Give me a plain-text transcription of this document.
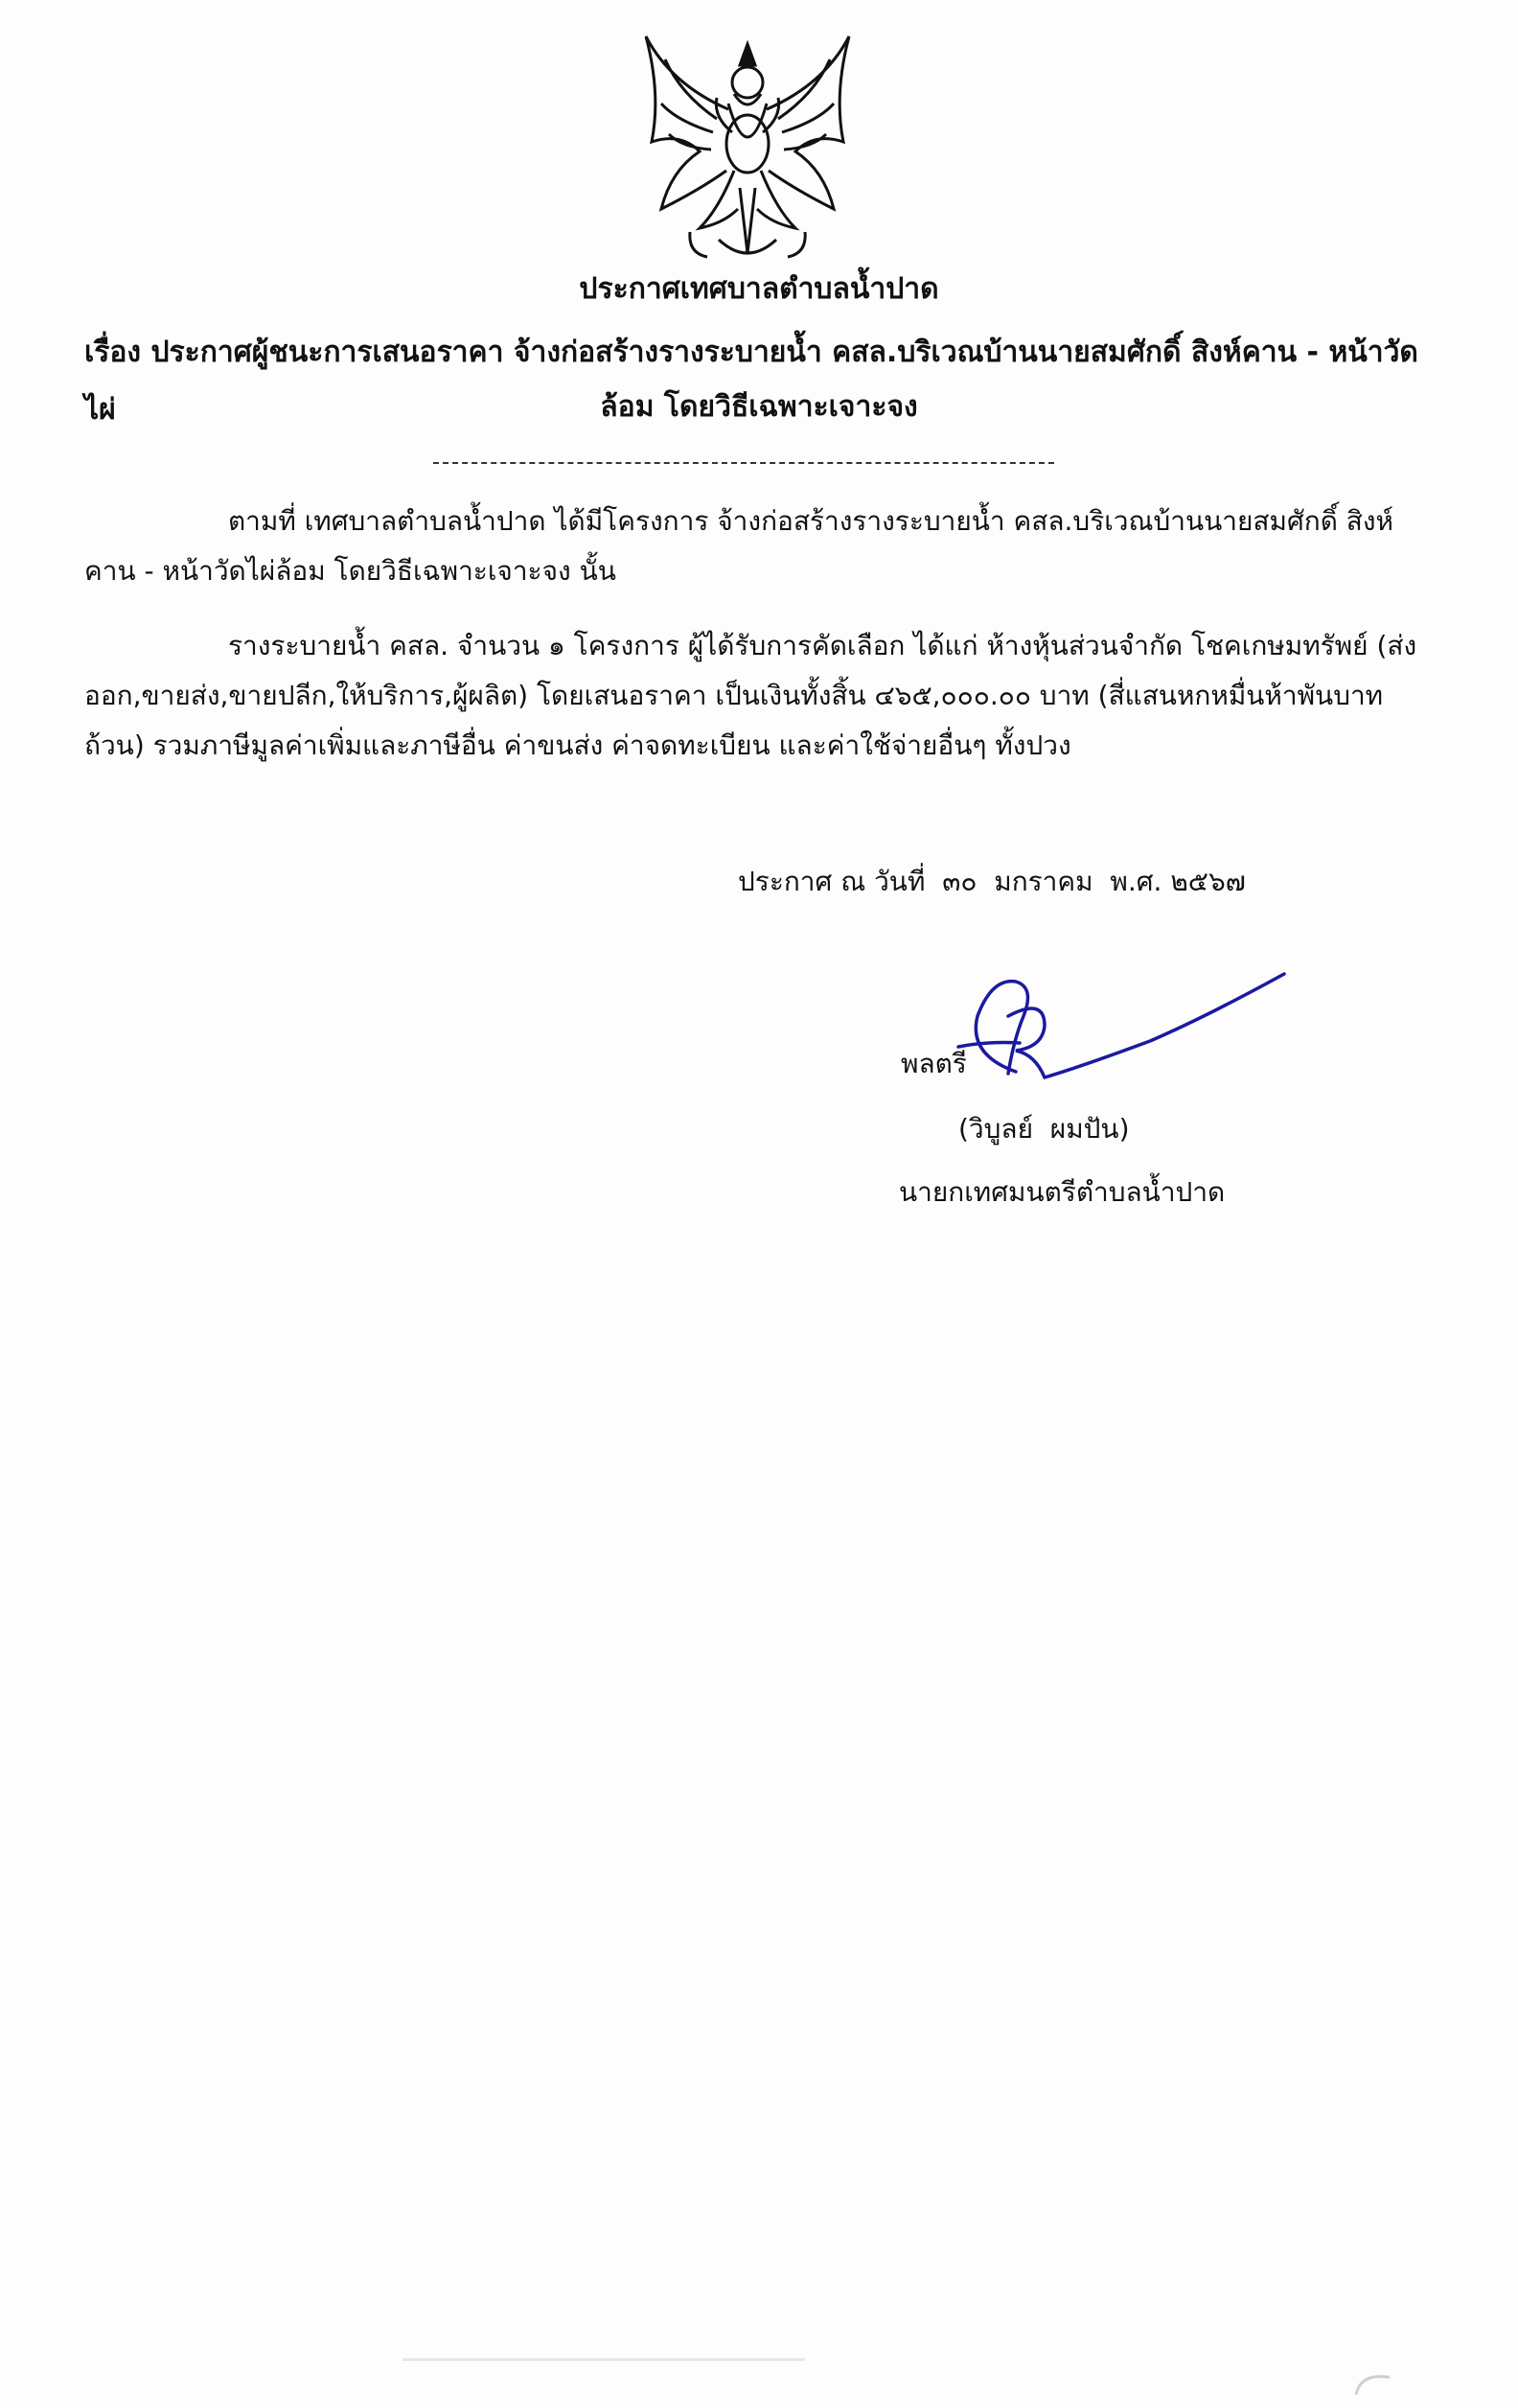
ประกาศเทศบาลตำบลน้ำปาด
เรื่อง ประกาศผู้ชนะการเสนอราคา จ้างก่อสร้างรางระบายน้ำ คสล.บริเวณบ้านนายสมศักดิ์ สิงห์คาน - หน้าวัดไผ่	ล้อม โดยวิธีเฉพาะเจาะจง
ตามที่ เทศบาลตำบลน้ำปาด ได้มีโครงการ จ้างก่อสร้างรางระบายน้ำ คสล.บริเวณบ้านนายสมศักดิ์ สิงห์คาน - หน้าวัดไผ่ล้อม โดยวิธีเฉพาะเจาะจง นั้น
รางระบายน้ำ คสล. จำนวน ๑ โครงการ ผู้ได้รับการคัดเลือก ได้แก่ ห้างหุ้นส่วนจำกัด โชคเกษมทรัพย์ (ส่งออก,ขายส่ง,ขายปลีก,ให้บริการ,ผู้ผลิต) โดยเสนอราคา เป็นเงินทั้งสิ้น ๔๖๕,๐๐๐.๐๐ บาท (สี่แสนหกหมื่นห้าพันบาทถ้วน) รวมภาษีมูลค่าเพิ่มและภาษีอื่น ค่าขนส่ง ค่าจดทะเบียน และค่าใช้จ่ายอื่นๆ ทั้งปวง
ประกาศ ณ วันที่  ๓๐  มกราคม  พ.ศ. ๒๕๖๗
พลตรี
(วิบูลย์  ผมปัน)
นายกเทศมนตรีตำบลน้ำปาด
